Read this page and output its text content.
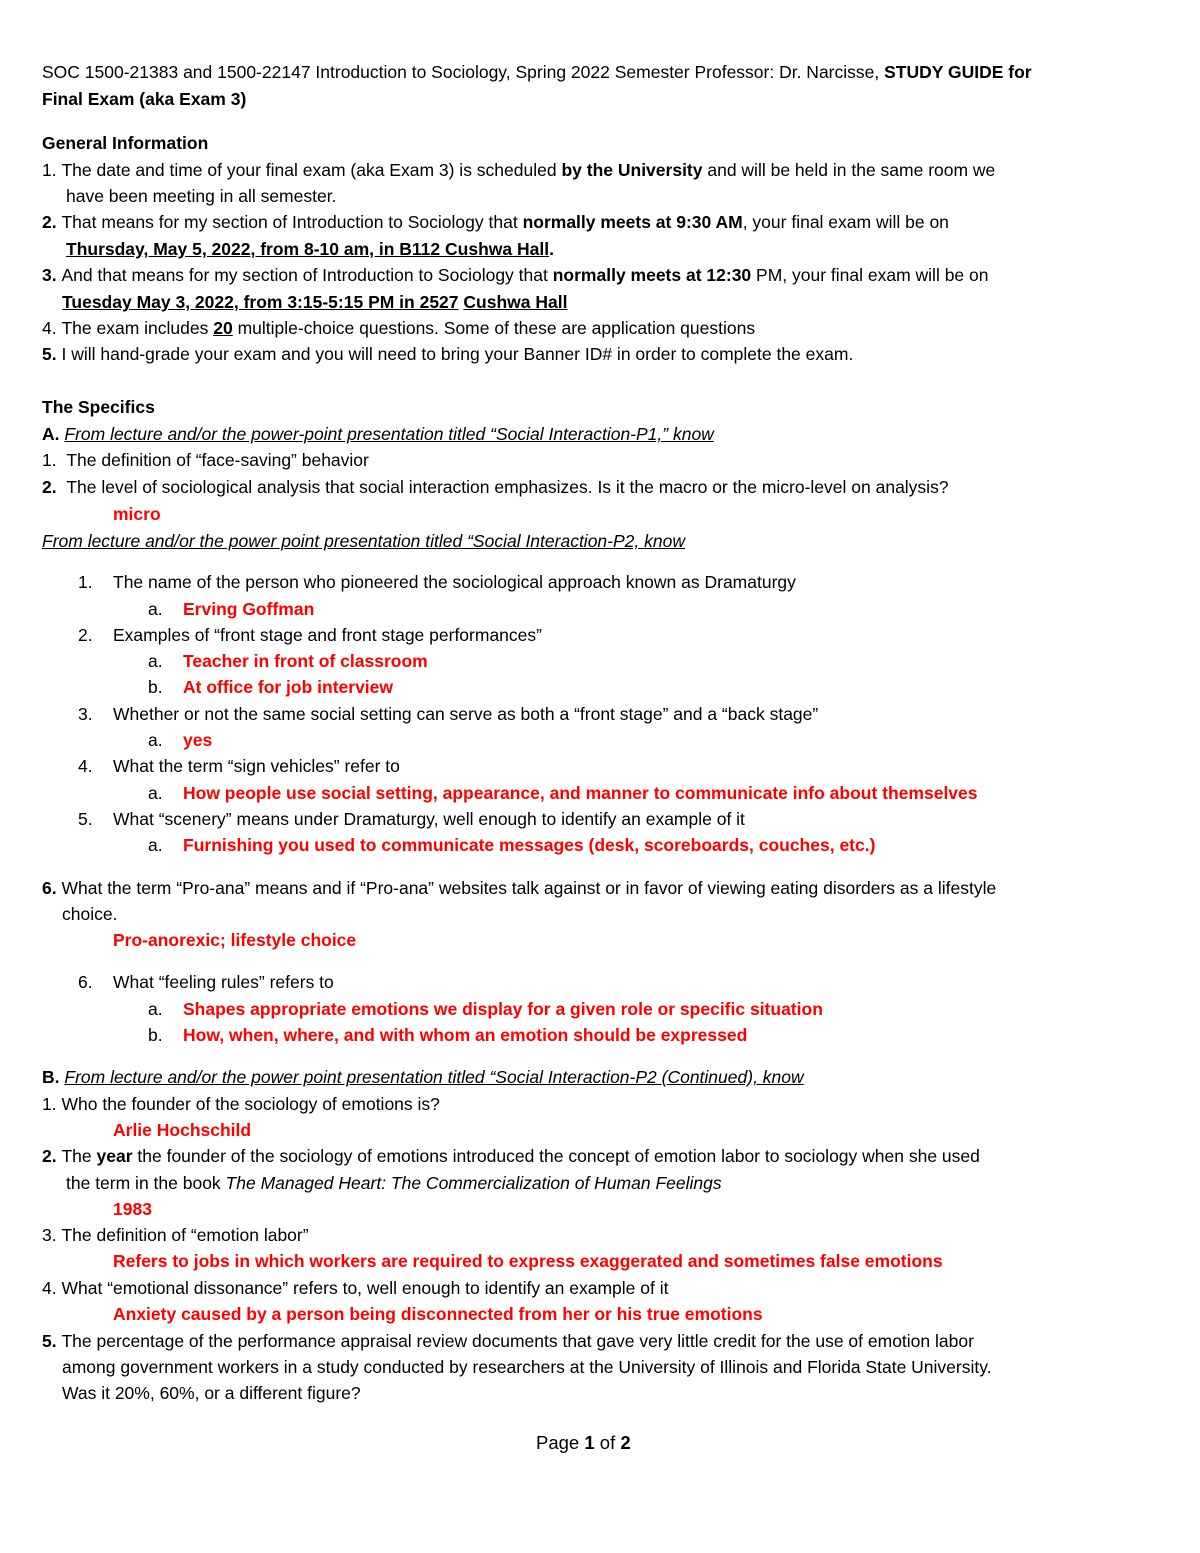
SOC 1500-21383 and 1500-22147 Introduction to Sociology, Spring 2022 Semester Professor: Dr. Narcisse, STUDY GUIDE for
Final Exam (aka Exam 3)
General Information
1. The date and time of your final exam (aka Exam 3) is scheduled by the University and will be held in the same room we
have been meeting in all semester.
2. That means for my section of Introduction to Sociology that normally meets at 9:30 AM, your final exam will be on
Thursday, May 5, 2022, from 8-10 am, in B112 Cushwa Hall.
3. And that means for my section of Introduction to Sociology that normally meets at 12:30 PM, your final exam will be on
Tuesday May 3, 2022, from 3:15-5:15 PM in 2527 Cushwa Hall
4. The exam includes 20 multiple-choice questions. Some of these are application questions
5. I will hand-grade your exam and you will need to bring your Banner ID# in order to complete the exam.
The Specifics
A. From lecture and/or the power-point presentation titled “Social Interaction-P1,” know
1. The definition of “face-saving” behavior
2. The level of sociological analysis that social interaction emphasizes. Is it the macro or the micro-level on analysis?
micro
From lecture and/or the power point presentation titled “Social Interaction-P2, know
1. The name of the person who pioneered the sociological approach known as Dramaturgy
a. Erving Goffman
2. Examples of “front stage and front stage performances”
a. Teacher in front of classroom
b. At office for job interview
3. Whether or not the same social setting can serve as both a “front stage” and a “back stage”
a. yes
4. What the term “sign vehicles” refer to
a. How people use social setting, appearance, and manner to communicate info about themselves
5. What “scenery” means under Dramaturgy, well enough to identify an example of it
a. Furnishing you used to communicate messages (desk, scoreboards, couches, etc.)
6. What the term “Pro-ana” means and if “Pro-ana” websites talk against or in favor of viewing eating disorders as a lifestyle
choice.
Pro-anorexic; lifestyle choice
6. What “feeling rules” refers to
a. Shapes appropriate emotions we display for a given role or specific situation
b. How, when, where, and with whom an emotion should be expressed
B. From lecture and/or the power point presentation titled “Social Interaction-P2 (Continued), know
1. Who the founder of the sociology of emotions is?
Arlie Hochschild
2. The year the founder of the sociology of emotions introduced the concept of emotion labor to sociology when she used
the term in the book The Managed Heart: The Commercialization of Human Feelings
1983
3. The definition of “emotion labor”
Refers to jobs in which workers are required to express exaggerated and sometimes false emotions
4. What “emotional dissonance” refers to, well enough to identify an example of it
Anxiety caused by a person being disconnected from her or his true emotions
5. The percentage of the performance appraisal review documents that gave very little credit for the use of emotion labor
among government workers in a study conducted by researchers at the University of Illinois and Florida State University.
Was it 20%, 60%, or a different figure?
Page 1 of 2
